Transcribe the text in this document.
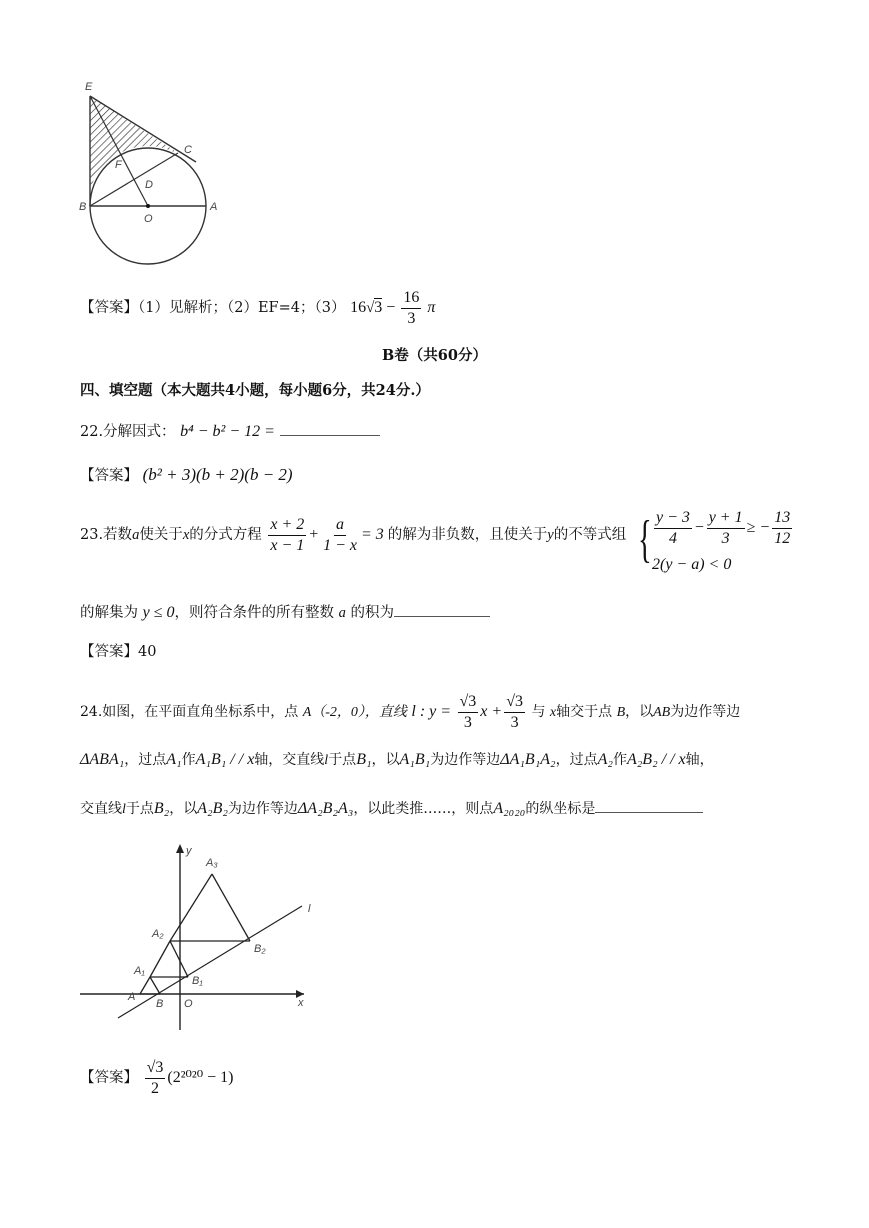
E
C
F
D
B
O
A
【答案】（1）见解析；（2）EF=4；（3） $16√3 - \frac{16}{3}$ π
B卷（共60分）
四、填空题（本大题共4小题，每小题6分，共24分.）
22.分解因式： b⁴ − b² − 12 =
【答案】 (b² + 3)(b + 2)(b − 2)
23.若数a使关于x的分式方程 $\frac{x + 2}{x - 1} + \frac{a}{1 - x} = 3$ 的解为非负数，且使关于y的不等式组 { $\frac{y - 3}{4} - \frac{y + 1}{3}$ ≥ − $\frac{13}{12}$
2(y − a) < 0
的解集为 y ≤ 0，则符合条件的所有整数 a 的积为
【答案】40
24.如图，在平面直角坐标系中，点 A（-2，0），直线 l : $y = \frac{√3}{3}$ $x + \frac{√3}{3}$ 与 x轴交于点 B，以AB为边作等边
ΔABA₁，过点A₁作A₁B₁ / / x轴，交直线l于点B₁，以A₁B₁为边作等边ΔA₁B₁A₂，过点A₂作A₂B₂ / / x轴，
交直线l于点B₂，以A₂B₂为边作等边ΔA₂B₂A₃，以此类推……，则点A₂₀₂₀的纵坐标是
y
A₃
l
A₂
B₂
A₁
B₁
A
B O	x
【答案】 $\frac{√3}{2} (2^{2020} - 1)$
